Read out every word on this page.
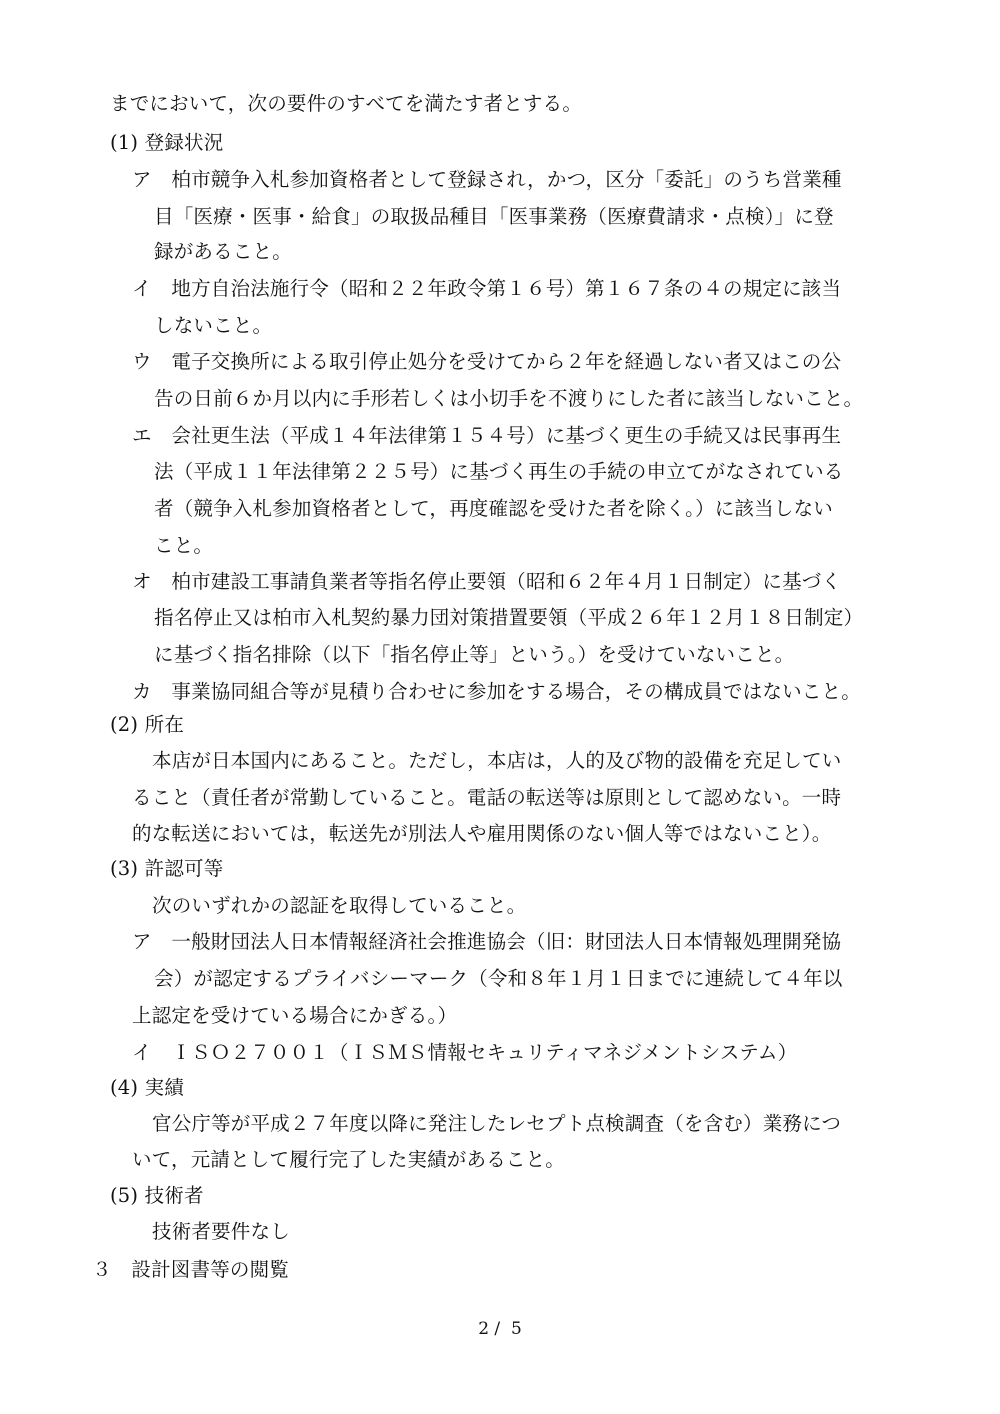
までにおいて，次の要件のすべてを満たす者とする。
(1) 登録状況
ア　柏市競争入札参加資格者として登録され，かつ，区分「委託」のうち営業種
目「医療・医事・給食」の取扱品種目「医事業務（医療費請求・点検）」に登
録があること。
イ　地方自治法施行令（昭和２２年政令第１６号）第１６７条の４の規定に該当
しないこと。
ウ　電子交換所による取引停止処分を受けてから２年を経過しない者又はこの公
告の日前６か月以内に手形若しくは小切手を不渡りにした者に該当しないこと。
エ　会社更生法（平成１４年法律第１５４号）に基づく更生の手続又は民事再生
法（平成１１年法律第２２５号）に基づく再生の手続の申立てがなされている
者（競争入札参加資格者として，再度確認を受けた者を除く。）に該当しない
こと。
オ　柏市建設工事請負業者等指名停止要領（昭和６２年４月１日制定）に基づく
指名停止又は柏市入札契約暴力団対策措置要領（平成２６年１２月１８日制定）
に基づく指名排除（以下「指名停止等」という。）を受けていないこと。
カ　事業協同組合等が見積り合わせに参加をする場合，その構成員ではないこと。
(2) 所在
本店が日本国内にあること。ただし，本店は，人的及び物的設備を充足してい
ること（責任者が常勤していること。電話の転送等は原則として認めない。一時
的な転送においては，転送先が別法人や雇用関係のない個人等ではないこと）。
(3) 許認可等
次のいずれかの認証を取得していること。
ア　一般財団法人日本情報経済社会推進協会（旧：財団法人日本情報処理開発協
会）が認定するプライバシーマーク（令和８年１月１日までに連続して４年以
上認定を受けている場合にかぎる。）
イ　ＩＳＯ２７００１（ＩＳＭＳ情報セキュリティマネジメントシステム）
(4) 実績
官公庁等が平成２７年度以降に発注したレセプト点検調査（を含む）業務につ
いて，元請として履行完了した実績があること。
(5) 技術者
技術者要件なし
３　設計図書等の閲覧
2 /  5
